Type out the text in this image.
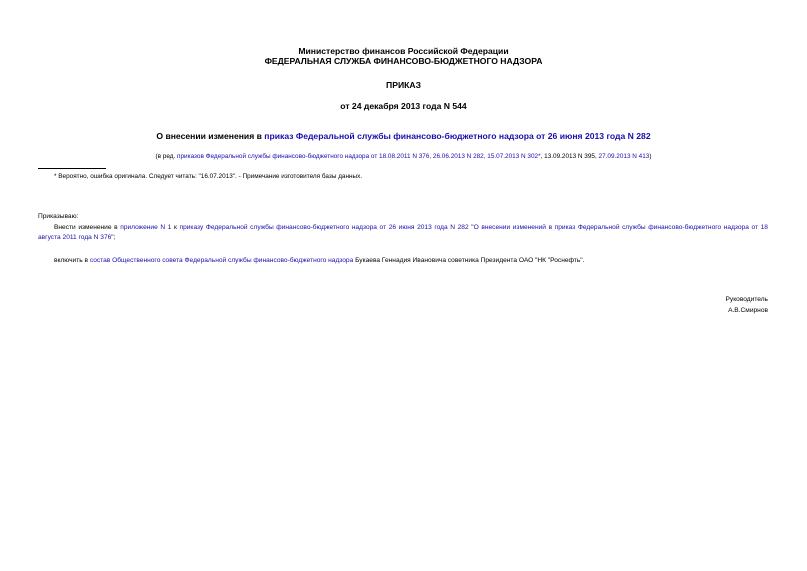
Министерство финансов Российской Федерации
ФЕДЕРАЛЬНАЯ СЛУЖБА ФИНАНСОВО-БЮДЖЕТНОГО НАДЗОРА
ПРИКАЗ
от 24 декабря 2013 года N 544
О внесении изменения в приказ Федеральной службы финансово-бюджетного надзора от 26 июня 2013 года N 282
(в ред. приказов Федеральной службы финансово-бюджетного надзора от 18.08.2011 N 376, 26.06.2013 N 282, 15.07.2013 N 302*, 13.09.2013 N 395, 27.09.2013 N 413)
* Вероятно, ошибка оригинала. Следует читать: "16.07.2013". - Примечание изготовителя базы данных.
Приказываю:
Внести изменение в приложение N 1 к приказу Федеральной службы финансово-бюджетного надзора от 26 июня 2013 года N 282 "О внесении изменений в приказ Федеральной службы финансово-бюджетного надзора от 18 августа 2011 года N 376";
включить в состав Общественного совета Федеральной службы финансово-бюджетного надзора Букаева Геннадия Ивановича советника Президента ОАО "НК "Роснефть".
Руководитель
А.В.Смирнов
